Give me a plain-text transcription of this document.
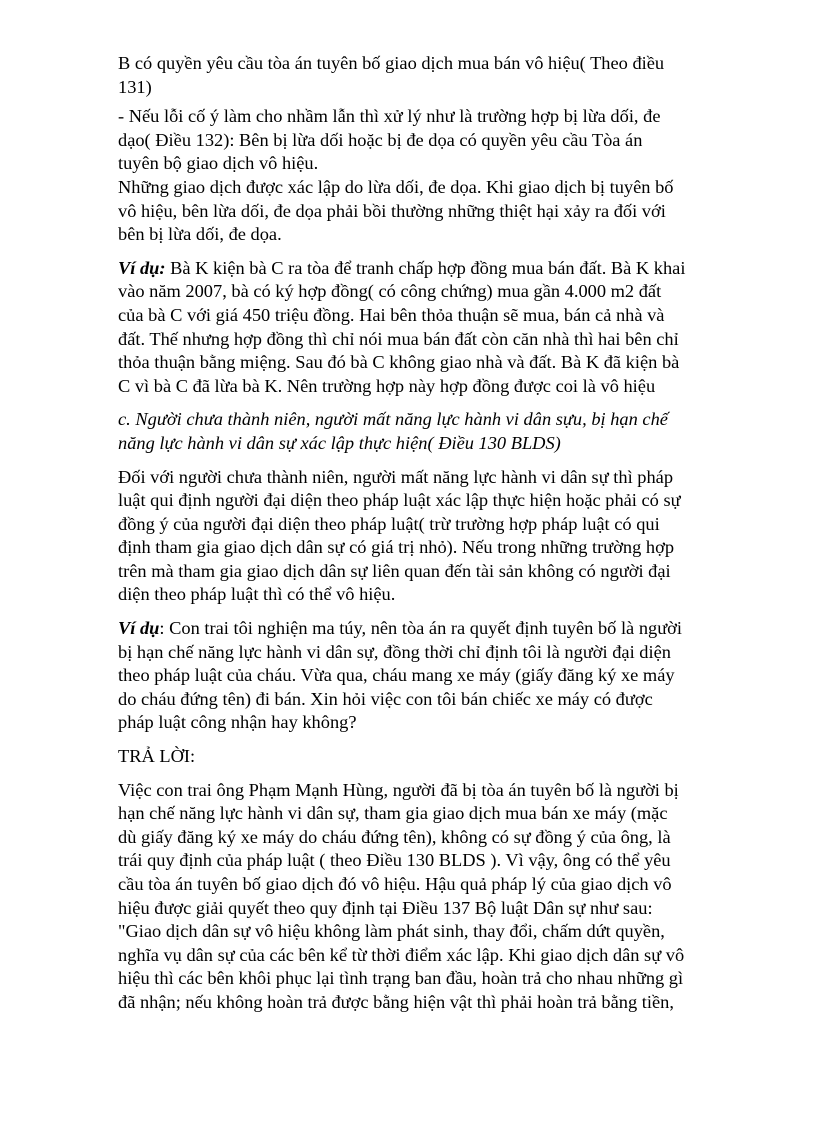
B có quyền yêu cầu tòa án tuyên bố giao dịch mua bán vô hiệu( Theo điều
131)
- Nếu lỗi cố ý làm cho nhầm lẫn thì xử lý như là trường hợp bị lừa dối, đe
dạo( Điều 132): Bên bị lừa dối hoặc bị đe dọa có quyền yêu cầu Tòa án
tuyên bộ giao dịch vô hiệu.
Những giao dịch được xác lập do lừa dối, đe dọa. Khi giao dịch bị tuyên bố
vô hiệu, bên lừa dối, đe dọa phải bồi thường những thiệt hại xảy ra đối với
bên bị lừa dối, đe dọa.
Ví dụ: Bà K kiện bà C ra tòa để tranh chấp hợp đồng mua bán đất. Bà K khai
vào năm 2007, bà có ký hợp đồng( có công chứng) mua gần 4.000 m2 đất
của bà C với giá 450 triệu đồng. Hai bên thỏa thuận sẽ mua, bán cả nhà và
đất. Thế nhưng hợp đồng thì chỉ nói mua bán đất còn căn nhà thì hai bên chỉ
thỏa thuận bằng miệng. Sau đó bà C không giao nhà và đất. Bà K đã kiện bà
C vì bà C đã lừa bà K. Nên trường hợp này hợp đồng được coi là vô hiệu
c. Người chưa thành niên, người mất năng lực hành vi dân sựu, bị hạn chế
năng lực hành vi dân sự xác lập thực hiện( Điều 130 BLDS)
Đối với người chưa thành niên, người mất năng lực hành vi dân sự thì pháp
luật qui định người đại diện theo pháp luật xác lập thực hiện hoặc phải có sự
đồng ý của người đại diện theo pháp luật( trừ trường hợp pháp luật có qui
định tham gia giao dịch dân sự có giá trị nhỏ). Nếu trong những trường hợp
trên mà tham gia giao dịch dân sự liên quan đến tài sản không có người đại
diện theo pháp luật thì có thể vô hiệu.
Ví dụ: Con trai tôi nghiện ma túy, nên tòa án ra quyết định tuyên bố là người
bị hạn chế năng lực hành vi dân sự, đồng thời chỉ định tôi là người đại diện
theo pháp luật của cháu. Vừa qua, cháu mang xe máy (giấy đăng ký xe máy
do cháu đứng tên) đi bán. Xin hỏi việc con tôi bán chiếc xe máy có được
pháp luật công nhận hay không?
TRẢ LỜI:
Việc con trai ông Phạm Mạnh Hùng, người đã bị tòa án tuyên bố là người bị
hạn chế năng lực hành vi dân sự, tham gia giao dịch mua bán xe máy (mặc
dù giấy đăng ký xe máy do cháu đứng tên), không có sự đồng ý của ông, là
trái quy định của pháp luật ( theo Điều 130 BLDS ). Vì vậy, ông có thể yêu
cầu tòa án tuyên bố giao dịch đó vô hiệu. Hậu quả pháp lý của giao dịch vô
hiệu được giải quyết theo quy định tại Điều 137 Bộ luật Dân sự như sau:
"Giao dịch dân sự vô hiệu không làm phát sinh, thay đổi, chấm dứt quyền,
nghĩa vụ dân sự của các bên kể từ thời điểm xác lập. Khi giao dịch dân sự vô
hiệu thì các bên khôi phục lại tình trạng ban đầu, hoàn trả cho nhau những gì
đã nhận; nếu không hoàn trả được bằng hiện vật thì phải hoàn trả bằng tiền,
